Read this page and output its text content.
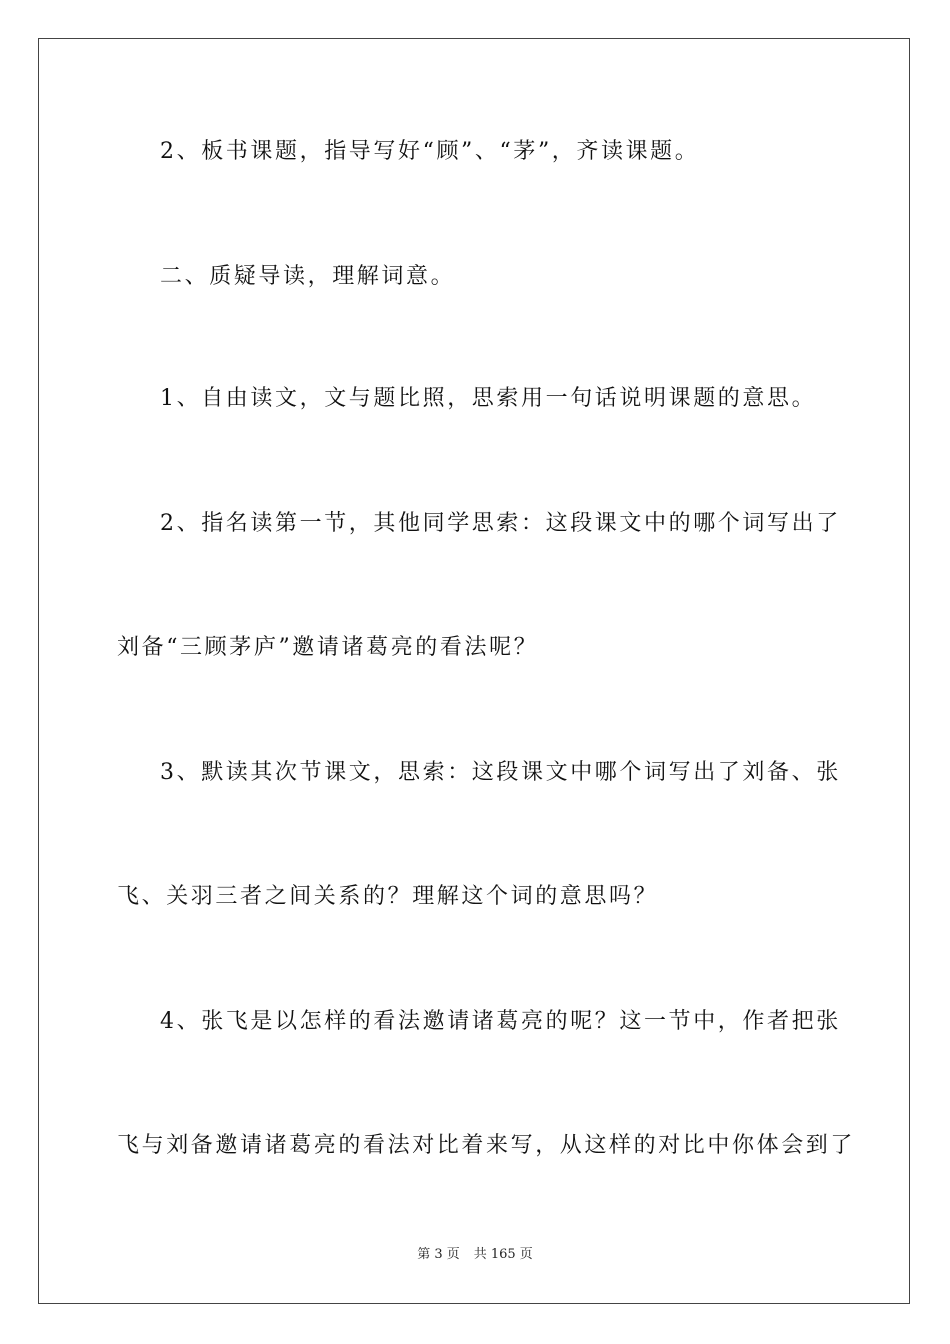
2、板书课题，指导写好“顾”、“茅”，齐读课题。
二、质疑导读，理解词意。
1、自由读文，文与题比照，思索用一句话说明课题的意思。
2、指名读第一节，其他同学思索：这段课文中的哪个词写出了
刘备“三顾茅庐”邀请诸葛亮的看法呢？
3、默读其次节课文，思索：这段课文中哪个词写出了刘备、张
飞、关羽三者之间关系的？理解这个词的意思吗？
4、张飞是以怎样的看法邀请诸葛亮的呢？这一节中，作者把张
飞与刘备邀请诸葛亮的看法对比着来写，从这样的对比中你体会到了
第 3 页 共 165 页
